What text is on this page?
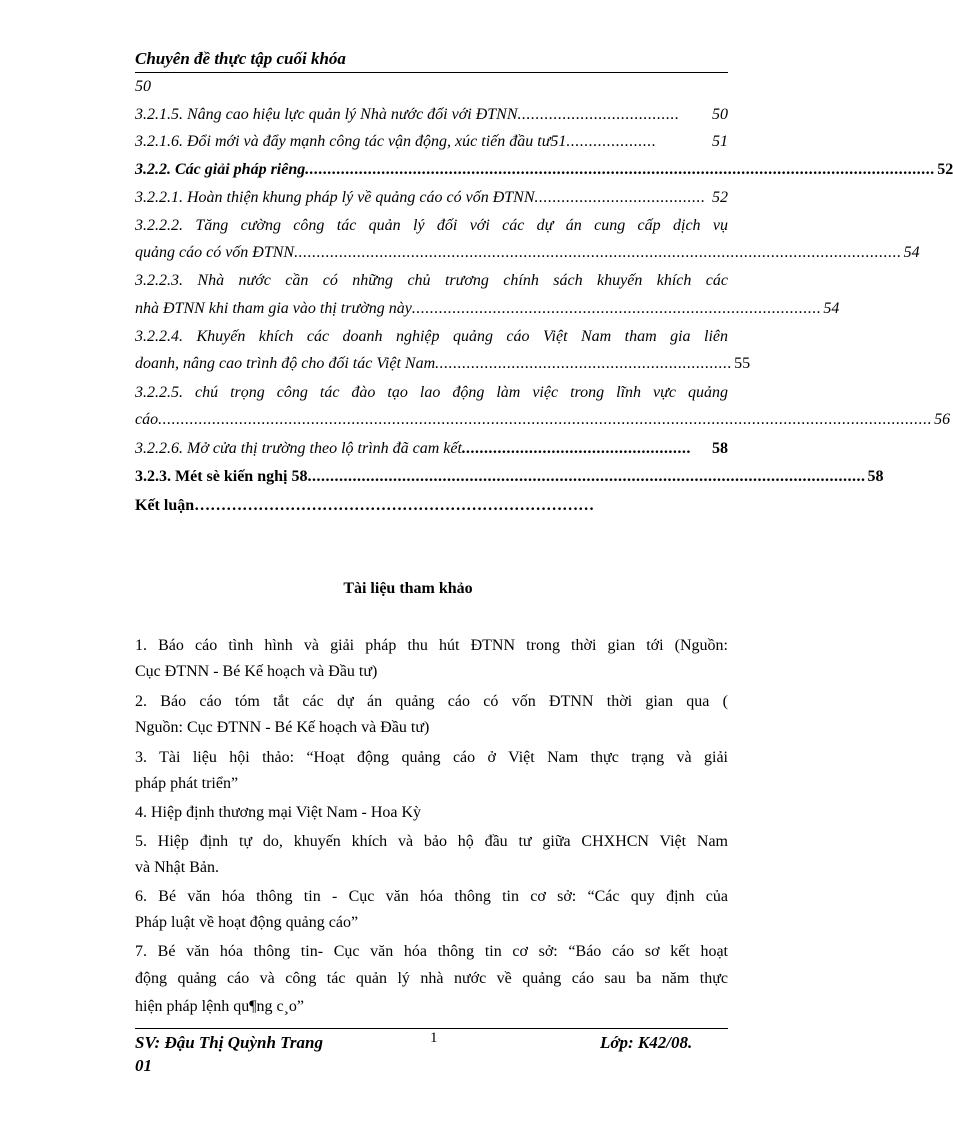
Chuyên đề thực tập cuối khóa
50
3.2.1.5. Nâng cao hiệu lực quản lý Nhà nước đối với ĐTNN ....................................	50
3.2.1.6. Đổi mới và đẩy mạnh công tác vận động, xúc tiến đầu tư51 ....................	51
3.2.2. Các giải pháp riêng ............................................................................................................................................ 52
3.2.2.1. Hoàn thiện khung pháp lý về quảng cáo có vốn ĐTNN ...................................... 52
3.2.2.2. Tăng cường công tác quản lý đối với các dự án cung cấp dịch vụ
quảng cáo có vốn ĐTNN ....................................................................................................................................... 54
3.2.2.3. Nhà nước cần có những chủ trương chính sách khuyến khích các
nhà ĐTNN khi tham gia vào thị trường này ........................................................................................... 54
3.2.2.4. Khuyến khích các doanh nghiệp quảng cáo Việt Nam tham gia liên
doanh, nâng cao trình độ cho đối tác Việt Nam .................................................................. 55
3.2.2.5. chú trọng công tác đào tạo lao động làm việc trong lĩnh vực quảng
cáo ............................................................................................................................................................................ 56
3.2.2.6. Mở cửa thị trường theo lộ trình đã cam kết ...................................................	58
3.2.3. Mét sè kiến nghị 58 ............................................................................................................................ 58
Kết luận …………………………………………………………………
Tài liệu tham khảo
1. Báo cáo tình hình và giải pháp thu hút ĐTNN trong thời gian tới (Nguồn:
Cục ĐTNN - Bé Kế hoạch và Đầu tư)
2. Báo cáo tóm tắt các dự án quảng cáo có vốn ĐTNN thời gian qua (
Nguồn: Cục ĐTNN - Bé Kế hoạch và Đầu tư)
3. Tài liệu hội thảo: “Hoạt động quảng cáo ở Việt Nam thực trạng và giải
pháp phát triển”
4. Hiệp định thương mại Việt Nam - Hoa Kỳ
5. Hiệp định tự do, khuyến khích và bảo hộ đầu tư giữa CHXHCN Việt Nam
và Nhật Bản.
6. Bé văn hóa thông tin - Cục văn hóa thông tin cơ sở: “Các quy định của
Pháp luật về hoạt động quảng cáo”
7. Bé văn hóa thông tin- Cục văn hóa thông tin cơ sở: “Báo cáo sơ kết hoạt
động quảng cáo và công tác quản lý nhà nước về quảng cáo sau ba năm thực
hiện pháp lệnh qu¶ng c¸o”
SV: Đậu Thị Quỳnh Trang	1	Lớp: K42/08.
01
